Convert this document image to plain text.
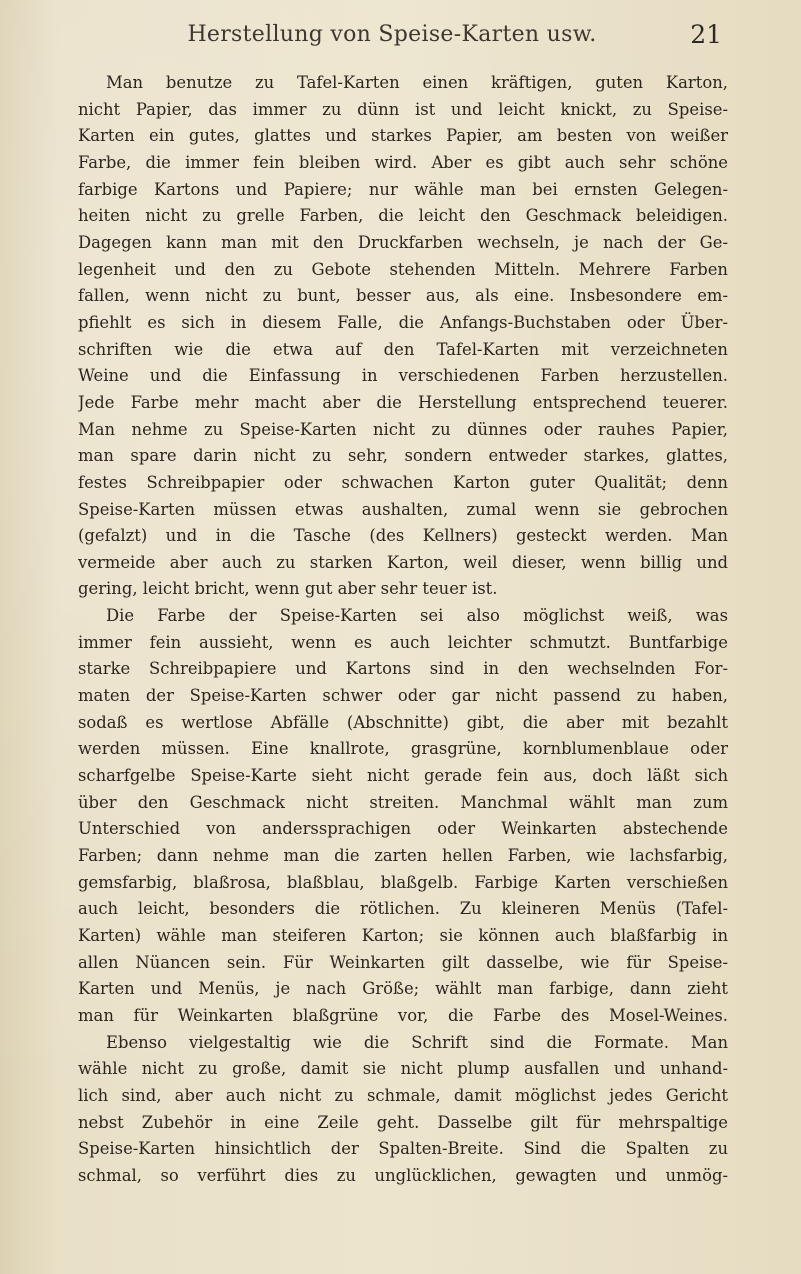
Herstellung von Speise-Karten usw.	21
Man benutze zu Tafel-Karten einen kräftigen, guten Karton,
nicht Papier, das immer zu dünn ist und leicht knickt, zu Speise-
Karten ein gutes, glattes und starkes Papier, am besten von weißer
Farbe, die immer fein bleiben wird. Aber es gibt auch sehr schöne
farbige Kartons und Papiere; nur wähle man bei ernsten Gelegen-
heiten nicht zu grelle Farben, die leicht den Geschmack beleidigen.
Dagegen kann man mit den Druckfarben wechseln, je nach der Ge-
legenheit und den zu Gebote stehenden Mitteln. Mehrere Farben
fallen, wenn nicht zu bunt, besser aus, als eine. Insbesondere em-
pfiehlt es sich in diesem Falle, die Anfangs-Buchstaben oder Über-
schriften wie die etwa auf den Tafel-Karten mit verzeichneten
Weine und die Einfassung in verschiedenen Farben herzustellen.
Jede Farbe mehr macht aber die Herstellung entsprechend teuerer.
Man nehme zu Speise-Karten nicht zu dünnes oder rauhes Papier,
man spare darin nicht zu sehr, sondern entweder starkes, glattes,
festes Schreibpapier oder schwachen Karton guter Qualität; denn
Speise-Karten müssen etwas aushalten, zumal wenn sie gebrochen
(gefalzt) und in die Tasche (des Kellners) gesteckt werden. Man
vermeide aber auch zu starken Karton, weil dieser, wenn billig und
gering, leicht bricht, wenn gut aber sehr teuer ist.
Die Farbe der Speise-Karten sei also möglichst weiß, was
immer fein aussieht, wenn es auch leichter schmutzt. Buntfarbige
starke Schreibpapiere und Kartons sind in den wechselnden For-
maten der Speise-Karten schwer oder gar nicht passend zu haben,
sodaß es wertlose Abfälle (Abschnitte) gibt, die aber mit bezahlt
werden müssen. Eine knallrote, grasgrüne, kornblumenblaue oder
scharfgelbe Speise-Karte sieht nicht gerade fein aus, doch läßt sich
über den Geschmack nicht streiten. Manchmal wählt man zum
Unterschied von anderssprachigen oder Weinkarten abstechende
Farben; dann nehme man die zarten hellen Farben, wie lachsfarbig,
gemsfarbig, blaßrosa, blaßblau, blaßgelb. Farbige Karten verschießen
auch leicht, besonders die rötlichen. Zu kleineren Menüs (Tafel-
Karten) wähle man steiferen Karton; sie können auch blaßfarbig in
allen Nüancen sein. Für Weinkarten gilt dasselbe, wie für Speise-
Karten und Menüs, je nach Größe; wählt man farbige, dann zieht
man für Weinkarten blaßgrüne vor, die Farbe des Mosel-Weines.
Ebenso vielgestaltig wie die Schrift sind die Formate. Man
wähle nicht zu große, damit sie nicht plump ausfallen und unhand-
lich sind, aber auch nicht zu schmale, damit möglichst jedes Gericht
nebst Zubehör in eine Zeile geht. Dasselbe gilt für mehrspaltige
Speise-Karten hinsichtlich der Spalten-Breite. Sind die Spalten zu
schmal, so verführt dies zu unglücklichen, gewagten und unmög-
